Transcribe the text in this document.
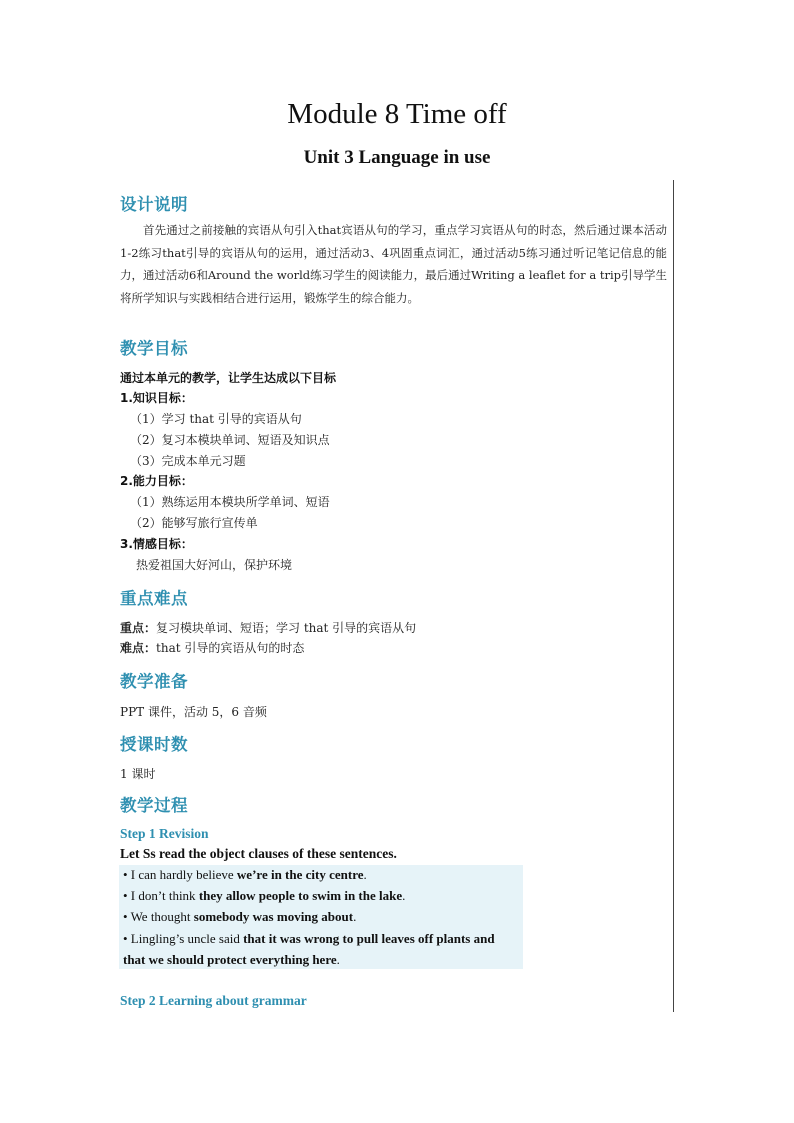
Module 8 Time off
Unit 3 Language in use
设计说明
首先通过之前接触的宾语从句引入that宾语从句的学习，重点学习宾语从句的时态，然后通过课本活动1-2练习that引导的宾语从句的运用，通过活动3、4巩固重点词汇，通过活动5练习通过听记笔记信息的能力，通过活动6和Around the world练习学生的阅读能力，最后通过Writing a leaflet for a trip引导学生将所学知识与实践相结合进行运用，锻炼学生的综合能力。
教学目标
通过本单元的教学，让学生达成以下目标
1.知识目标：
（1）学习 that 引导的宾语从句
（2）复习本模块单词、短语及知识点
（3）完成本单元习题
2.能力目标：
（1）熟练运用本模块所学单词、短语
（2）能够写旅行宣传单
3.情感目标：
热爱祖国大好河山，保护环境
重点难点
重点：复习模块单词、短语；学习 that 引导的宾语从句
难点：that 引导的宾语从句的时态
教学准备
PPT 课件，活动 5，6 音频
授课时数
1 课时
教学过程
Step 1 Revision
Let Ss read the object clauses of these sentences.
• I can hardly believe we’re in the city centre.
• I don’t think they allow people to swim in the lake.
• We thought somebody was moving about.
• Lingling’s uncle said that it was wrong to pull leaves off plants and
that we should protect everything here.
Step 2 Learning about grammar
